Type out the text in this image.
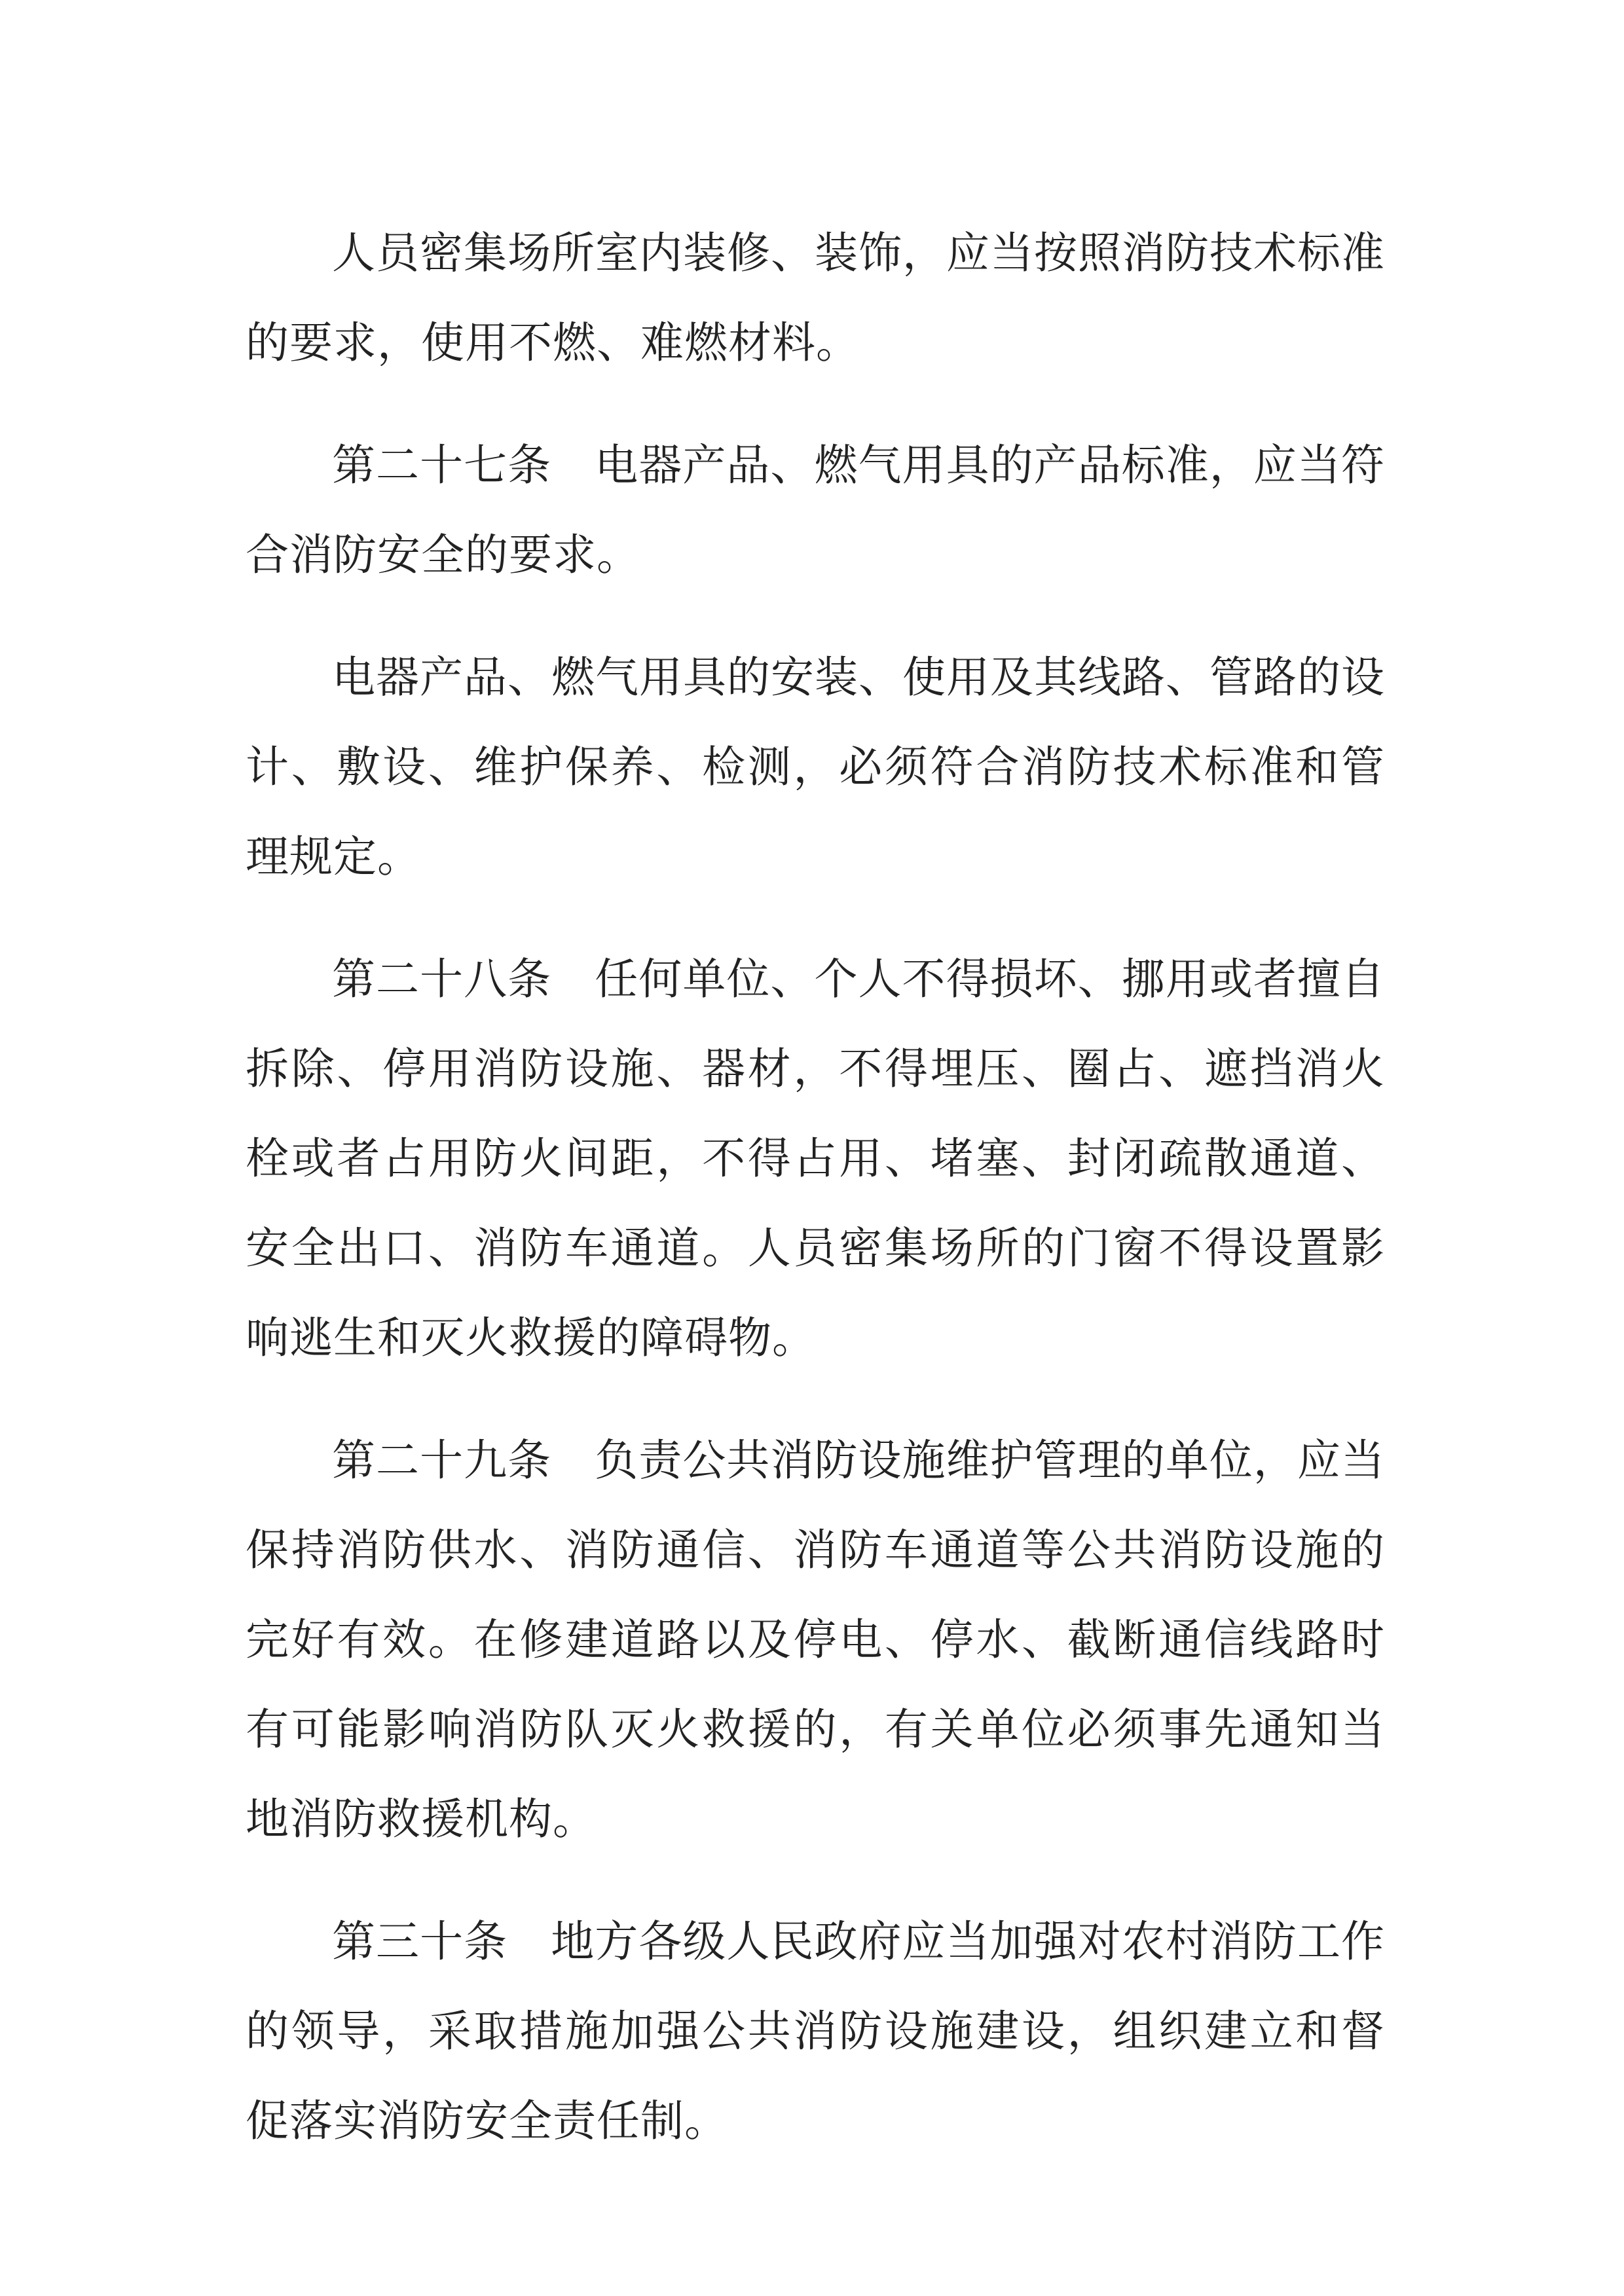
人员密集场所室内装修、装饰，应当按照消防技术标准的要求，使用不燃、难燃材料。

第二十七条 电器产品、燃气用具的产品标准，应当符合消防安全的要求。

电器产品、燃气用具的安装、使用及其线路、管路的设计、敷设、维护保养、检测，必须符合消防技术标准和管理规定。

第二十八条 任何单位、个人不得损坏、挪用或者擅自拆除、停用消防设施、器材，不得埋压、圈占、遮挡消火栓或者占用防火间距，不得占用、堵塞、封闭疏散通道、安全出口、消防车通道。人员密集场所的门窗不得设置影响逃生和灭火救援的障碍物。

第二十九条 负责公共消防设施维护管理的单位，应当保持消防供水、消防通信、消防车通道等公共消防设施的完好有效。在修建道路以及停电、停水、截断通信线路时有可能影响消防队灭火救援的，有关单位必须事先通知当地消防救援机构。

第三十条 地方各级人民政府应当加强对农村消防工作的领导，采取措施加强公共消防设施建设，组织建立和督促落实消防安全责任制。
